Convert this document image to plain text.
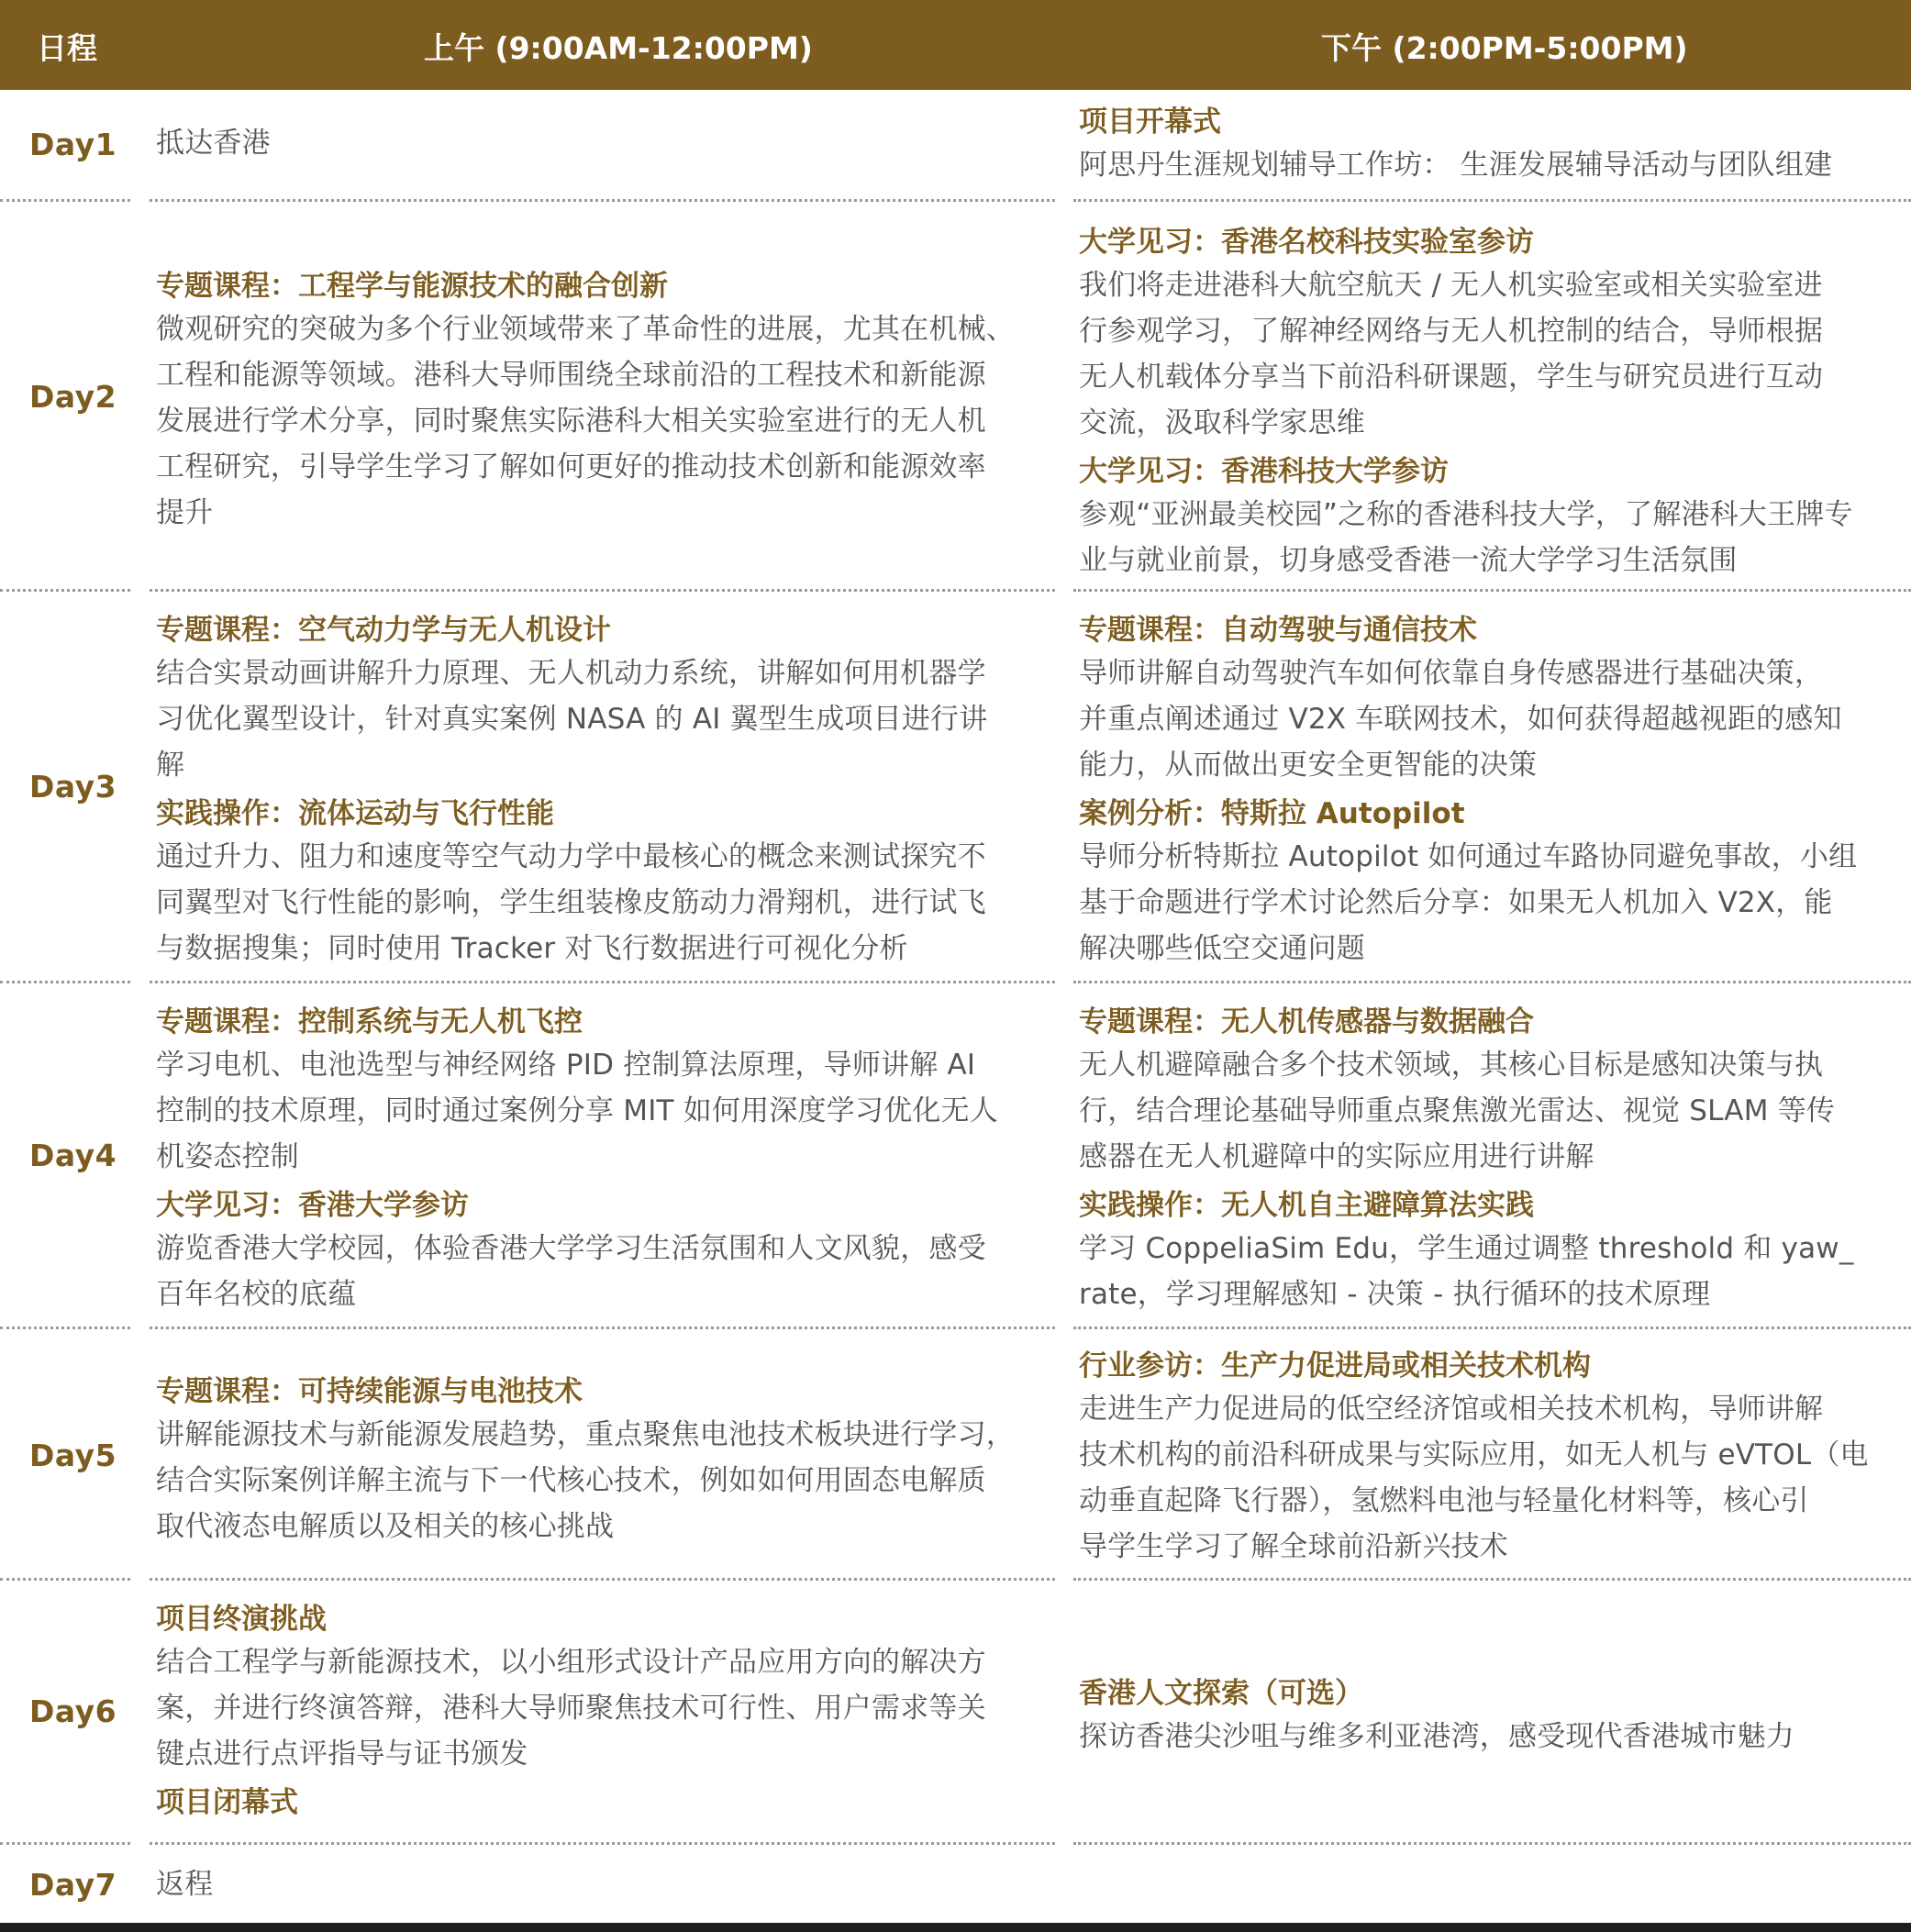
日程	上午 (9:00AM-12:00PM)	下午 (2:00PM-5:00PM)
Day1 抵达香港
项目开幕式
阿思丹生涯规划辅导工作坊： 生涯发展辅导活动与团队组建
Day2
专题课程：工程学与能源技术的融合创新
微观研究的突破为多个行业领域带来了革命性的进展，尤其在机械、
工程和能源等领域。港科大导师围绕全球前沿的工程技术和新能源
发展进行学术分享，同时聚焦实际港科大相关实验室进行的无人机
工程研究，引导学生学习了解如何更好的推动技术创新和能源效率
提升
大学见习：香港名校科技实验室参访
我们将走进港科大航空航天 / 无人机实验室或相关实验室进
行参观学习，了解神经网络与无人机控制的结合，导师根据
无人机载体分享当下前沿科研课题，学生与研究员进行互动
交流，汲取科学家思维
大学见习：香港科技大学参访
参观“亚洲最美校园”之称的香港科技大学，了解港科大王牌专
业与就业前景，切身感受香港一流大学学习生活氛围
Day3
专题课程：空气动力学与无人机设计
结合实景动画讲解升力原理、无人机动力系统，讲解如何用机器学
习优化翼型设计，针对真实案例 NASA 的 AI 翼型生成项目进行讲
解
实践操作：流体运动与飞行性能
通过升力、阻力和速度等空气动力学中最核心的概念来测试探究不
同翼型对飞行性能的影响，学生组装橡皮筋动力滑翔机，进行试飞
与数据搜集；同时使用 Tracker 对飞行数据进行可视化分析
专题课程：自动驾驶与通信技术
导师讲解自动驾驶汽车如何依靠自身传感器进行基础决策，
并重点阐述通过 V2X 车联网技术，如何获得超越视距的感知
能力，从而做出更安全更智能的决策
案例分析：特斯拉 Autopilot
导师分析特斯拉 Autopilot 如何通过车路协同避免事故，小组
基于命题进行学术讨论然后分享：如果无人机加入 V2X，能
解决哪些低空交通问题
Day4
专题课程：控制系统与无人机飞控
学习电机、电池选型与神经网络 PID 控制算法原理，导师讲解 AI
控制的技术原理，同时通过案例分享 MIT 如何用深度学习优化无人
机姿态控制
大学见习：香港大学参访
游览香港大学校园，体验香港大学学习生活氛围和人文风貌，感受
百年名校的底蕴
专题课程：无人机传感器与数据融合
无人机避障融合多个技术领域，其核心目标是感知决策与执
行，结合理论基础导师重点聚焦激光雷达、视觉 SLAM 等传
感器在无人机避障中的实际应用进行讲解
实践操作：无人机自主避障算法实践
学习 CoppeliaSim Edu，学生通过调整 threshold 和 yaw_
rate，学习理解感知 - 决策 - 执行循环的技术原理
Day5
专题课程：可持续能源与电池技术
讲解能源技术与新能源发展趋势，重点聚焦电池技术板块进行学习，
结合实际案例详解主流与下一代核心技术，例如如何用固态电解质
取代液态电解质以及相关的核心挑战
行业参访：生产力促进局或相关技术机构
走进生产力促进局的低空经济馆或相关技术机构，导师讲解
技术机构的前沿科研成果与实际应用，如无人机与 eVTOL（电
动垂直起降飞行器），氢燃料电池与轻量化材料等，核心引
导学生学习了解全球前沿新兴技术
Day6
项目终演挑战
结合工程学与新能源技术，以小组形式设计产品应用方向的解决方
案，并进行终演答辩，港科大导师聚焦技术可行性、用户需求等关
键点进行点评指导与证书颁发
项目闭幕式
香港人文探索（可选）
探访香港尖沙咀与维多利亚港湾，感受现代香港城市魅力
Day7 返程
